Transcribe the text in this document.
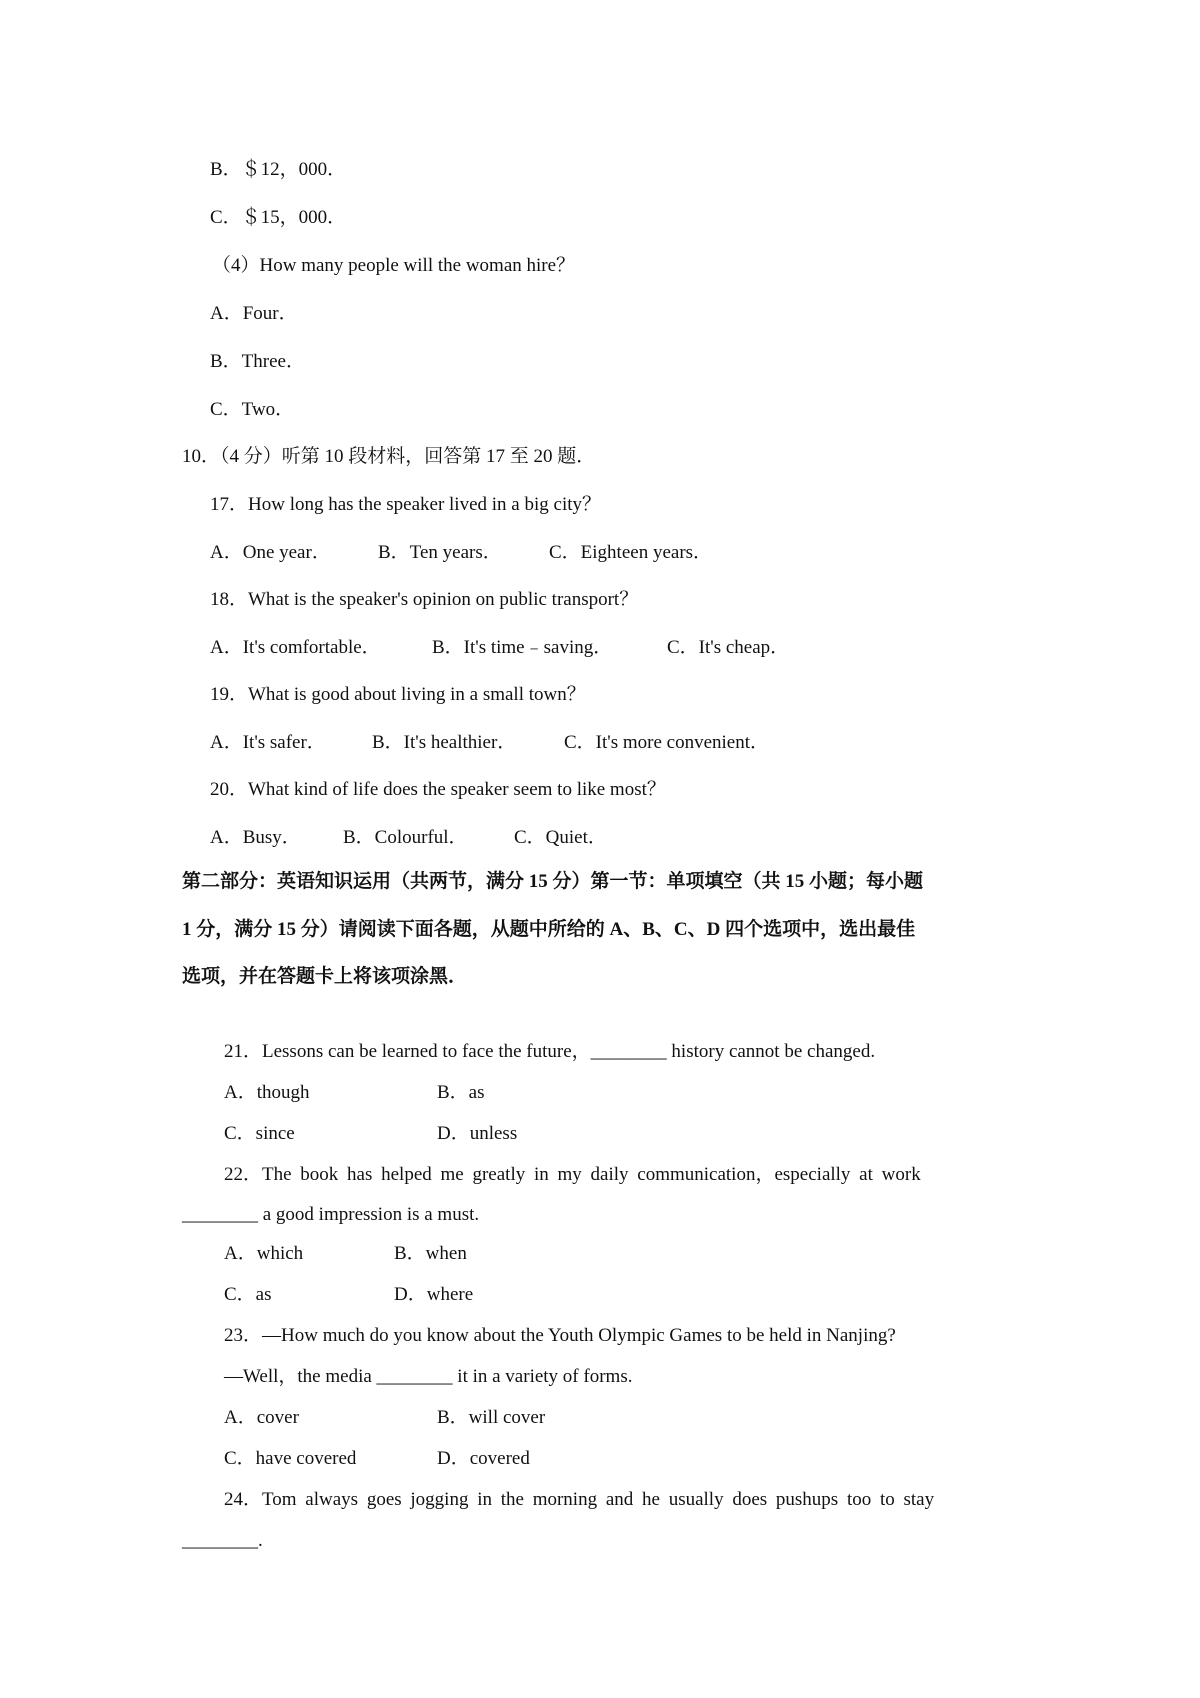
B．＄12，000．
C．＄15，000．
（4）How many people will the woman hire？
A．Four．
B．Three．
C．Two．
10．（4 分）听第 10 段材料，回答第 17 至 20 题．
17．How long has the speaker lived in a big city？
A．One year． B．Ten years． C．Eighteen years．
18．What is the speaker's opinion on public transport？
A．It's comfortable．	B．It's time﹣saving．	C．It's cheap．
19．What is good about living in a small town？
A．It's safer． B．It's healthier．	C．It's more convenient．
20．What kind of life does the speaker seem to like most？
A．Busy． B．Colourful． C．Quiet．
第二部分：英语知识运用（共两节，满分 15 分）第一节：单项填空（共 15 小题；每小题
1 分，满分 15 分）请阅读下面各题，从题中所给的 A、B、C、D 四个选项中，选出最佳
选项，并在答题卡上将该项涂黑．
21．Lessons can be learned to face the future，________ history cannot be changed.
A．though	B．as
C．since	D．unless
22．The book has helped me greatly in my daily communication，especially at work
________ a good impression is a must.
A．which	B．when
C．as	D．where
23．—How much do you know about the Youth Olympic Games to be held in Nanjing?
—Well，the media ________ it in a variety of forms.
A．cover	B．will cover
C．have covered	D．covered
24．Tom always goes jogging in the morning and he usually does pushups too to stay
________.
